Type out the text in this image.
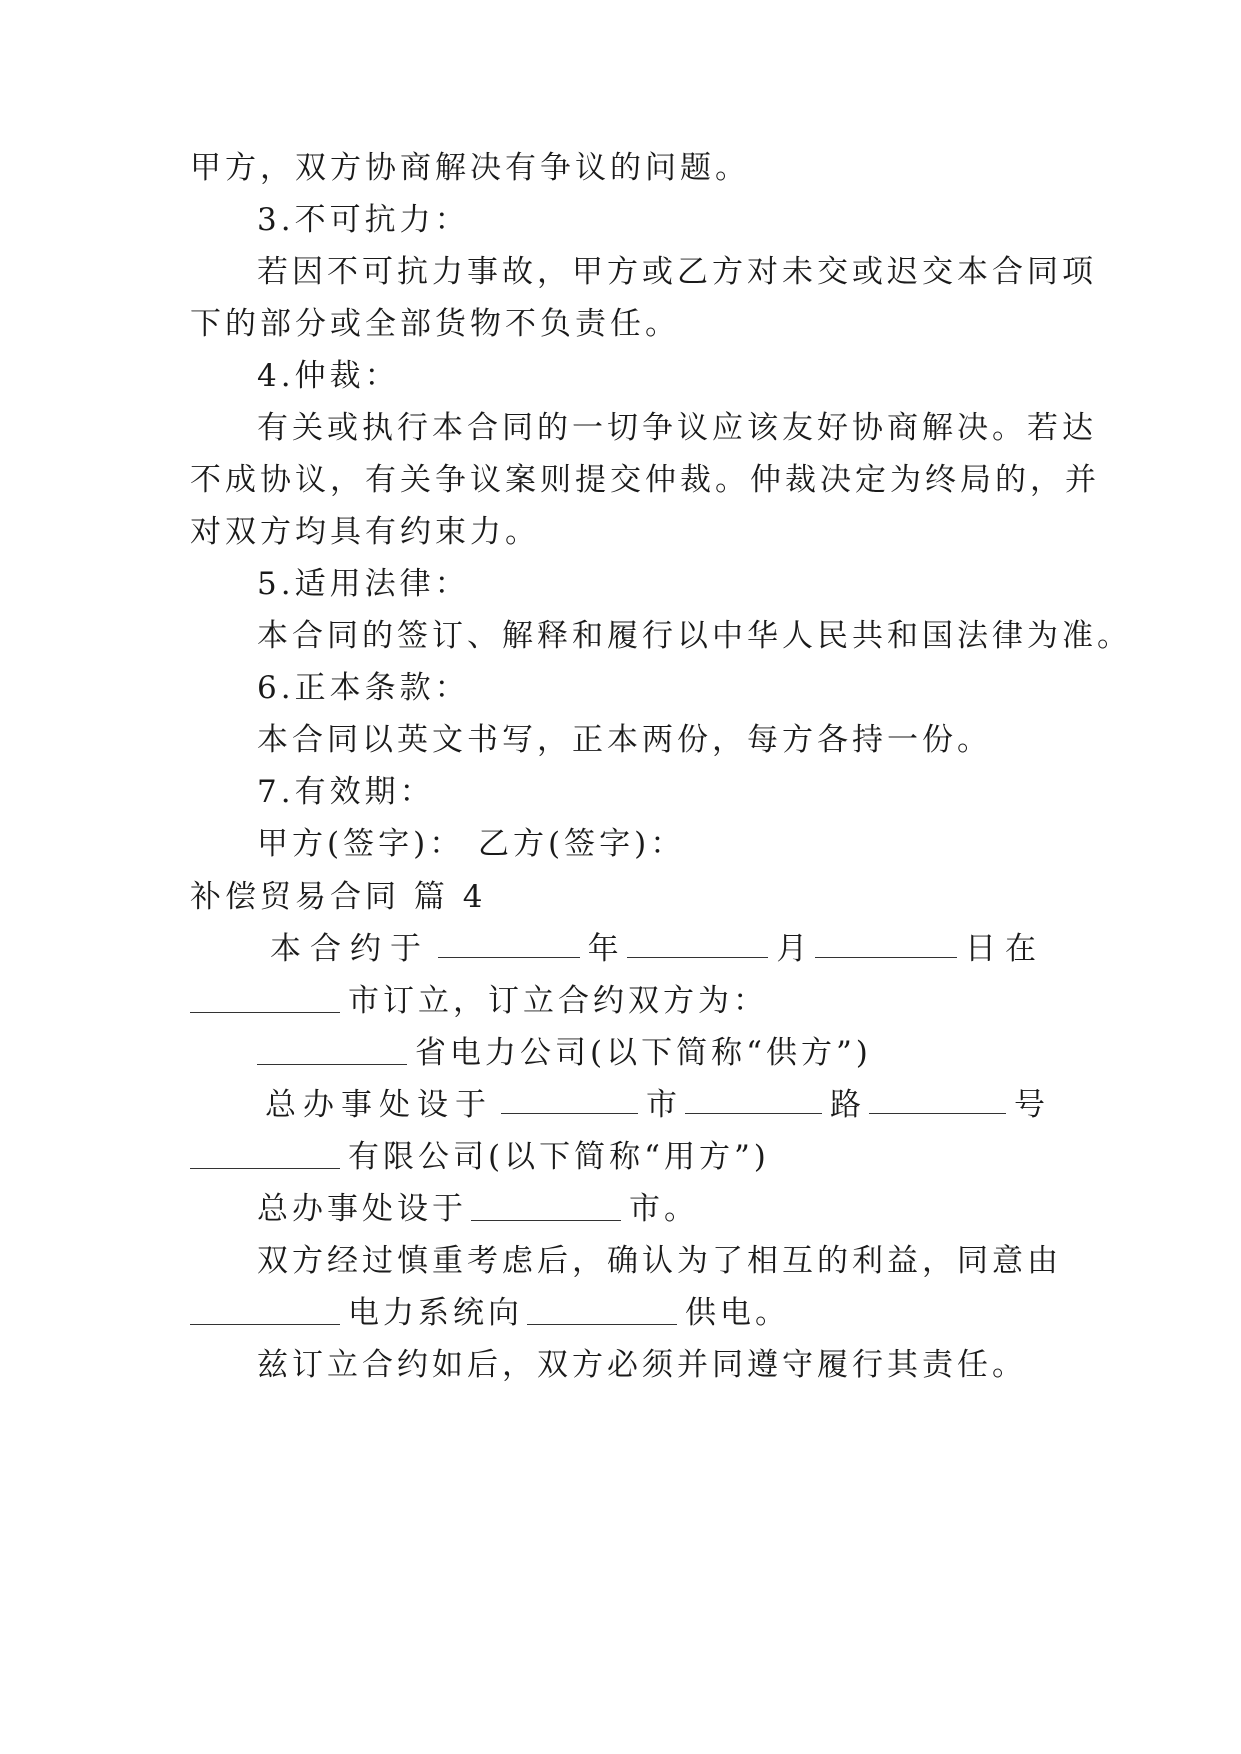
甲方，双方协商解决有争议的问题。
3.不可抗力：
若因不可抗力事故，甲方或乙方对未交或迟交本合同项
下的部分或全部货物不负责任。
4.仲裁：
有关或执行本合同的一切争议应该友好协商解决。若达
不成协议，有关争议案则提交仲裁。仲裁决定为终局的，并
对双方均具有约束力。
5.适用法律：
本合同的签订、解释和履行以中华人民共和国法律为准。
6.正本条款：
本合同以英文书写，正本两份，每方各持一份。
7.有效期：
甲方(签字)： 乙方(签字)：
补偿贸易合同 篇 4
本合约于	年	月	日在
市订立，订立合约双方为：
省电力公司(以下简称“供方”)
总办事处设于	市	路	号
有限公司(以下简称“用方”)
总办事处设于	市。
双方经过慎重考虑后，确认为了相互的利益，同意由
电力系统向	供电。
兹订立合约如后，双方必须并同遵守履行其责任。
